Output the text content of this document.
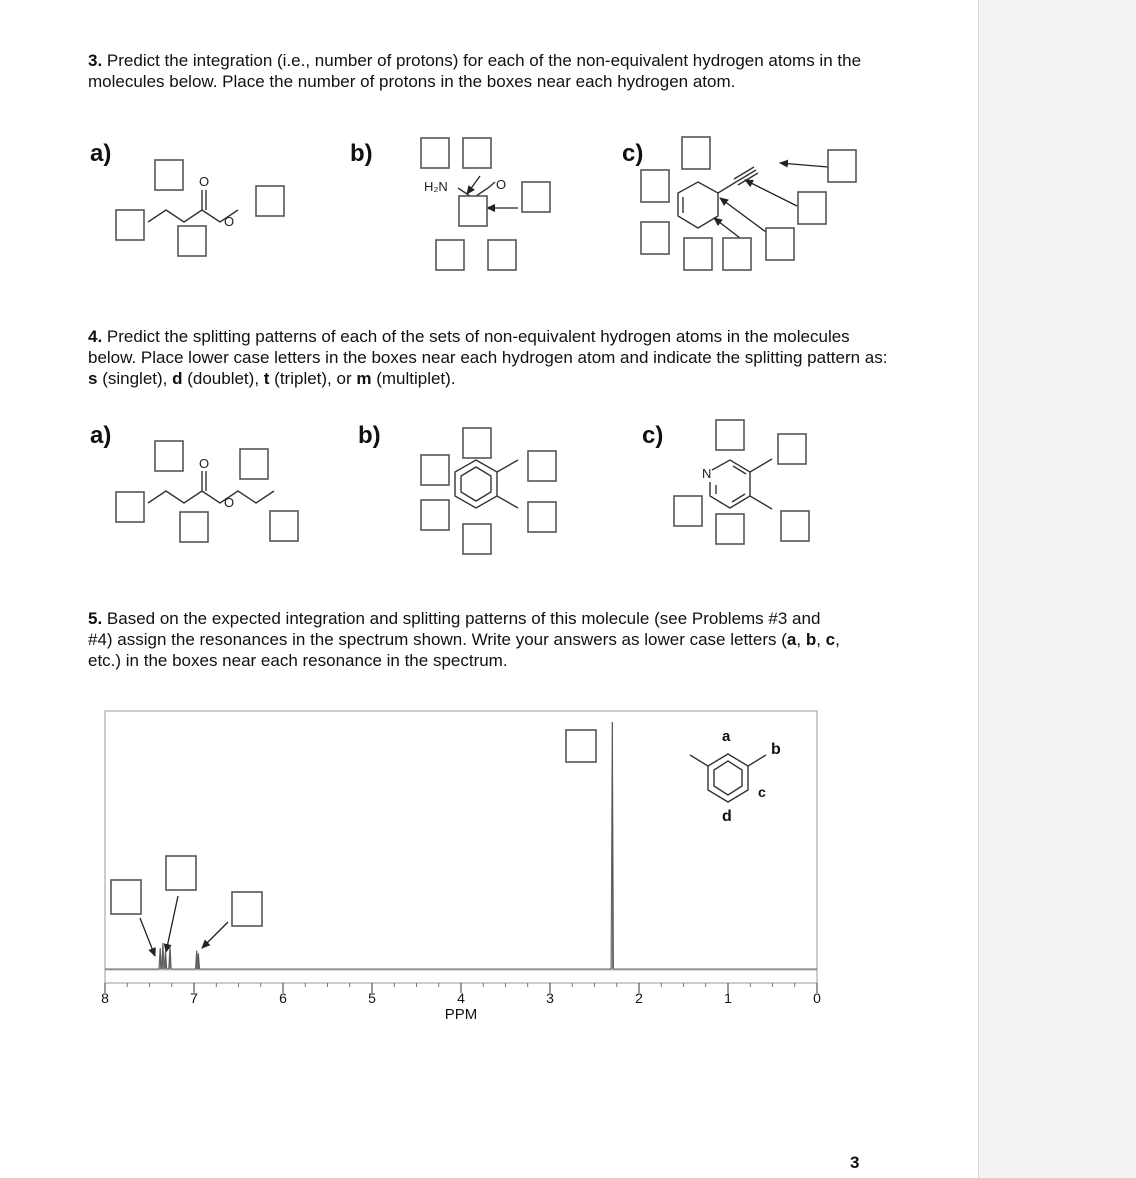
3. Predict the integration (i.e., number of protons) for each of the non-equivalent hydrogen atoms in the molecules below. Place the number of protons in the boxes near each hydrogen atom.

a)	b)	c)

4. Predict the splitting patterns of each of the sets of non-equivalent hydrogen atoms in the molecules below. Place lower case letters in the boxes near each hydrogen atom and indicate the splitting pattern as: s (singlet), d (doublet), t (triplet), or m (multiplet).

a)	b)	c)

5. Based on the expected integration and splitting patterns of this molecule (see Problems #3 and #4) assign the resonances in the spectrum shown. Write your answers as lower case letters (a, b, c, etc.) in the boxes near each resonance in the spectrum.

3
O
O
H₂N	O
O
O
N
8	7	6	5	4	3	2	1	0
PPM
a
b
c
d
